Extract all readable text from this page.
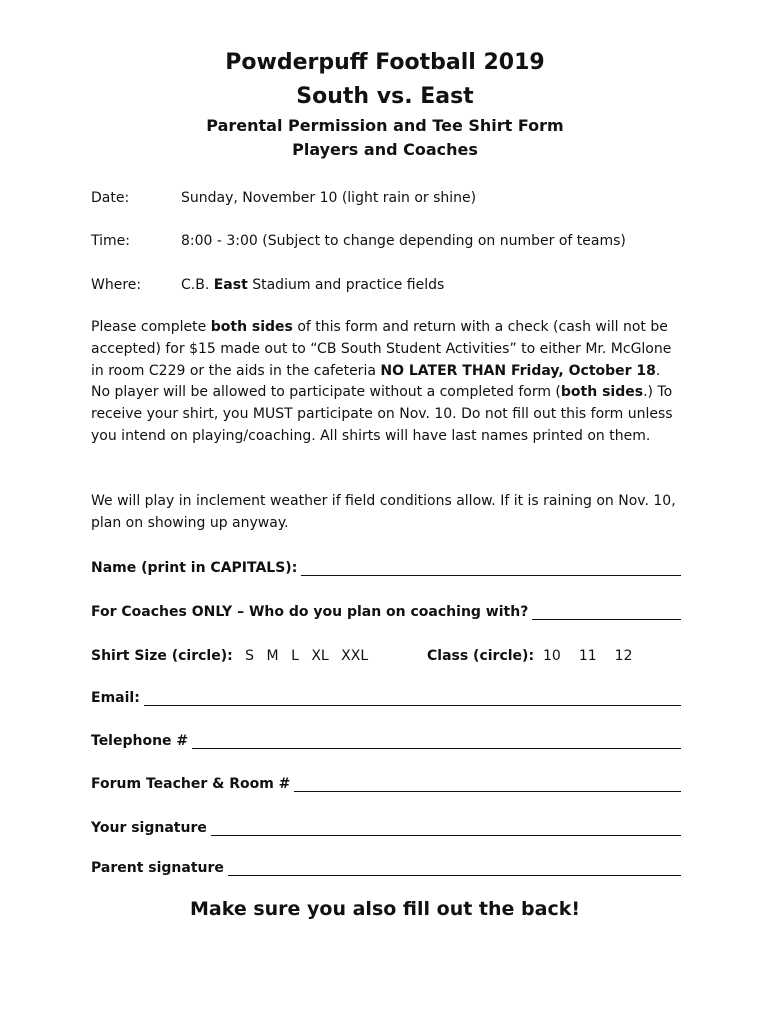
Powderpuff Football 2019
South vs. East
Parental Permission and Tee Shirt Form
Players and Coaches
Date:	Sunday, November 10 (light rain or shine)
Time:	8:00 - 3:00 (Subject to change depending on number of teams)
Where:	C.B. East Stadium and practice fields
Please complete both sides of this form and return with a check (cash will not be accepted) for $15 made out to “CB South Student Activities” to either Mr. McGlone in room C229 or the aids in the cafeteria NO LATER THAN Friday, October 18. No player will be allowed to participate without a completed form (both sides.) To receive your shirt, you MUST participate on Nov. 10. Do not fill out this form unless you intend on playing/coaching. All shirts will have last names printed on them.
We will play in inclement weather if field conditions allow. If it is raining on Nov. 10, plan on showing up anyway.
Name (print in CAPITALS):
For Coaches ONLY – Who do you plan on coaching with?
Shirt Size (circle): S M L XL XXL	Class (circle): 10 11 12
Email:
Telephone #
Forum Teacher & Room #
Your signature
Parent signature
Make sure you also fill out the back!
